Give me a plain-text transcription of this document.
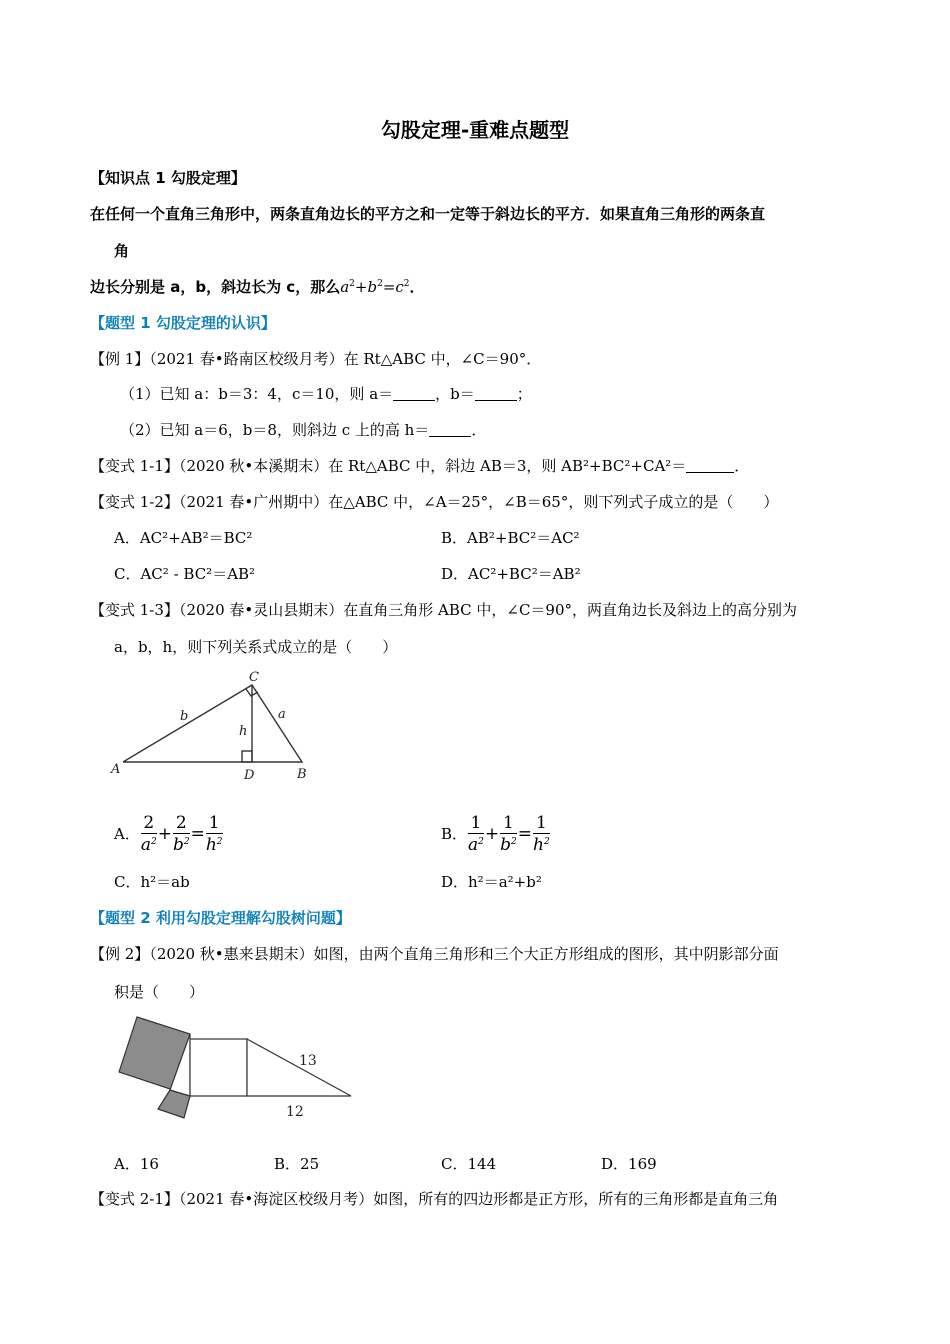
勾股定理-重难点题型
【知识点 1 勾股定理】
在任何一个直角三角形中，两条直角边长的平方之和一定等于斜边长的平方．如果直角三角形的两条直
角
边长分别是 a，b，斜边长为 c，那么$a^2+b^2=c^2$．
【题型 1 勾股定理的认识】
【例 1】（2021 春•路南区校级月考）在 Rt△ABC 中，∠C＝90°．
（1）已知 a：b＝3：4，c＝10，则 a＝	，b＝	；
（2）已知 a＝6，b＝8，则斜边 c 上的高 h＝	．
【变式 1-1】（2020 秋•本溪期末）在 Rt△ABC 中，斜边 AB＝3，则 AB²+BC²+CA²＝	．
【变式 1-2】（2021 春•广州期中）在△ABC 中，∠A＝25°，∠B＝65°，则下列式子成立的是（　　）
A．AC²+AB²＝BC²	B．AB²+BC²＝AC²
C．AC² - BC²＝AB²	D．AC²+BC²＝AB²
【变式 1-3】（2020 春•灵山县期末）在直角三角形 ABC 中，∠C＝90°，两直角边长及斜边上的高分别为
a，b，h，则下列关系式成立的是（　　）
A	B
C
D
a
b
h
A． $\frac{2}{a^2} + \frac{2}{b^2} = \frac{1}{h^2}$	B． $\frac{1}{a^2} + \frac{1}{b^2} = \frac{1}{h^2}$
C．h²＝ab	D．h²＝a²+b²
【题型 2 利用勾股定理解勾股树问题】
【例 2】（2020 秋•惠来县期末）如图，由两个直角三角形和三个大正方形组成的图形，其中阴影部分面
积是（　　）
13
12
A．16	B．25	C．144	D．169
【变式 2-1】（2021 春•海淀区校级月考）如图，所有的四边形都是正方形，所有的三角形都是直角三角
